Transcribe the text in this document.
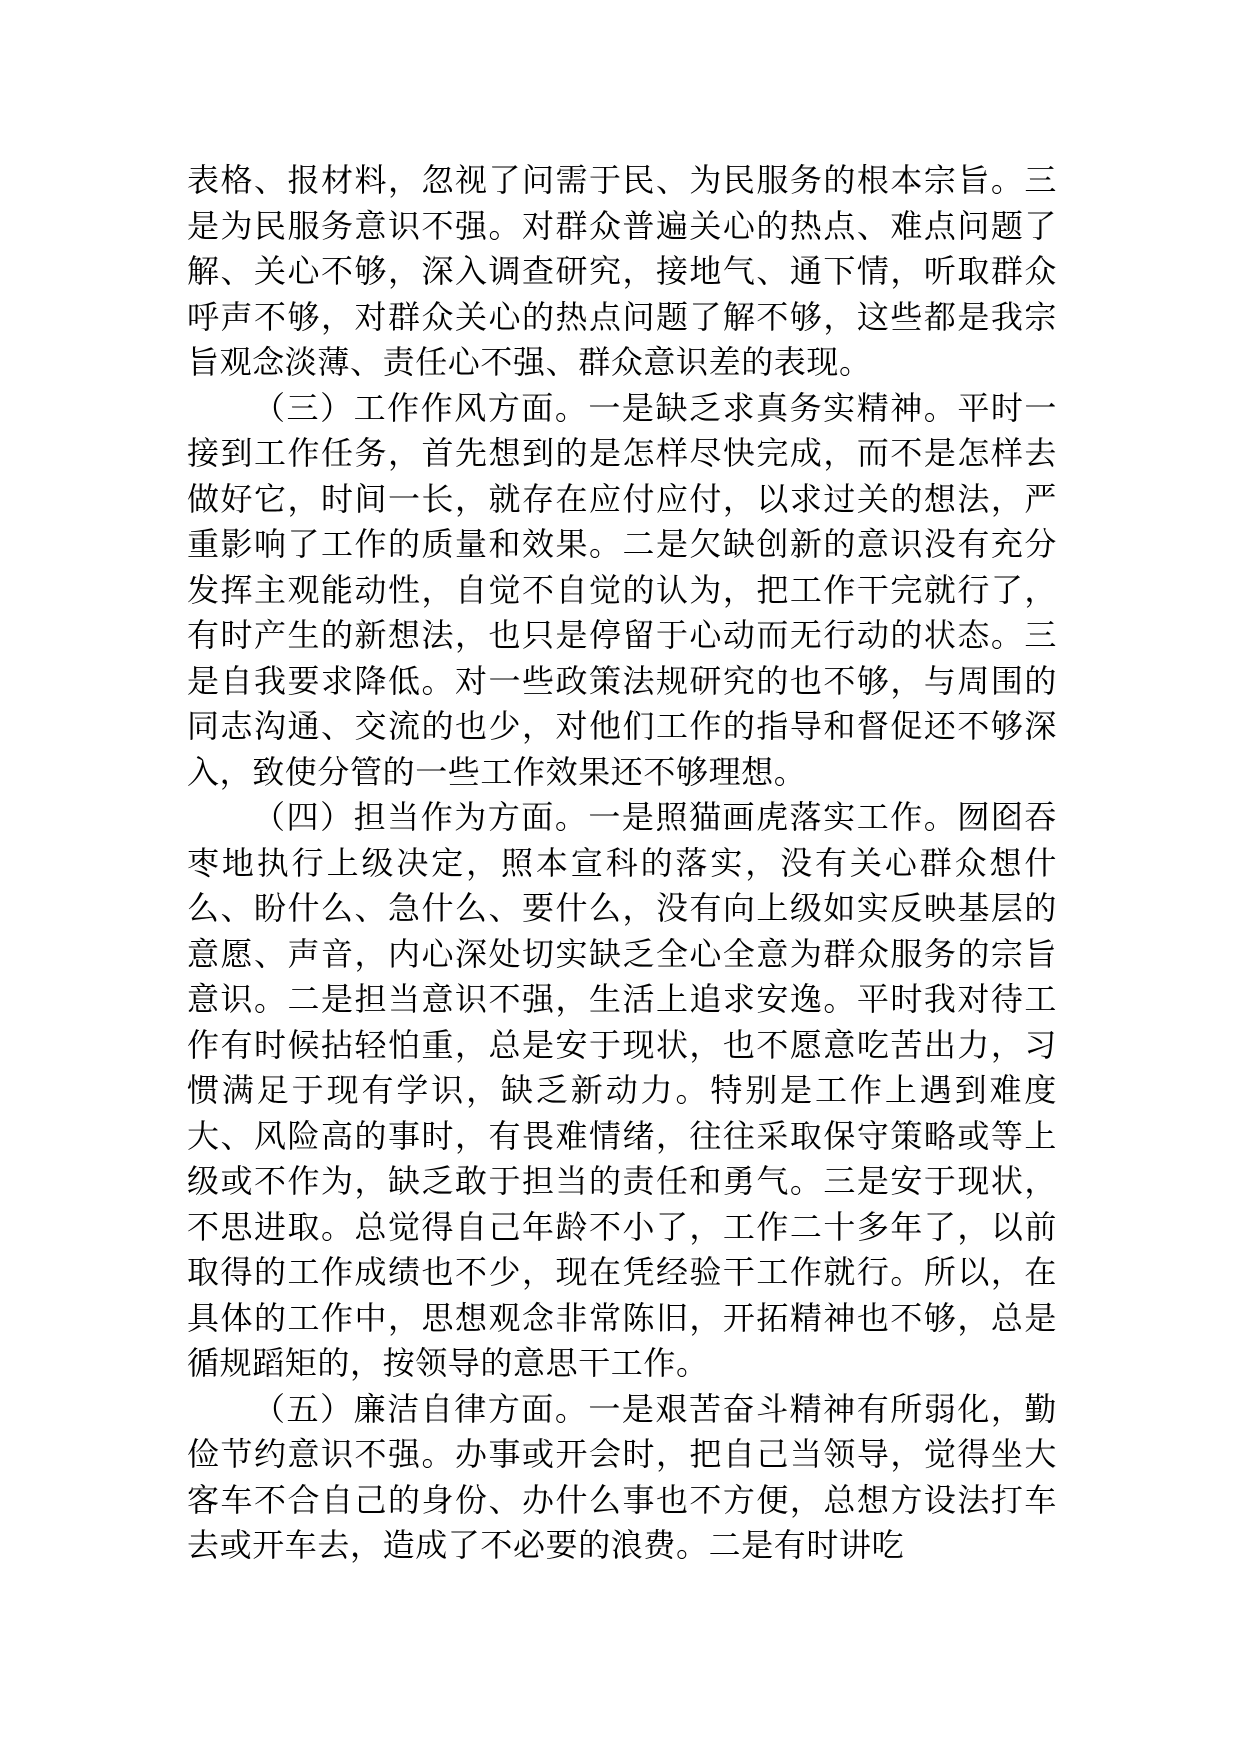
表格、报材料，忽视了问需于民、为民服务的根本宗旨。三是为民服务意识不强。对群众普遍关心的热点、难点问题了解、关心不够，深入调查研究，接地气、通下情，听取群众呼声不够，对群众关心的热点问题了解不够，这些都是我宗旨观念淡薄、责任心不强、群众意识差的表现。

（三）工作作风方面。一是缺乏求真务实精神。平时一接到工作任务，首先想到的是怎样尽快完成，而不是怎样去做好它，时间一长，就存在应付应付，以求过关的想法，严重影响了工作的质量和效果。二是欠缺创新的意识没有充分发挥主观能动性，自觉不自觉的认为，把工作干完就行了，有时产生的新想法，也只是停留于心动而无行动的状态。三是自我要求降低。对一些政策法规研究的也不够，与周围的同志沟通、交流的也少，对他们工作的指导和督促还不够深入，致使分管的一些工作效果还不够理想。

（四）担当作为方面。一是照猫画虎落实工作。囫囵吞枣地执行上级决定，照本宣科的落实，没有关心群众想什么、盼什么、急什么、要什么，没有向上级如实反映基层的意愿、声音，内心深处切实缺乏全心全意为群众服务的宗旨意识。二是担当意识不强，生活上追求安逸。平时我对待工作有时候拈轻怕重，总是安于现状，也不愿意吃苦出力，习惯满足于现有学识，缺乏新动力。特别是工作上遇到难度大、风险高的事时，有畏难情绪，往往采取保守策略或等上级或不作为，缺乏敢于担当的责任和勇气。三是安于现状，不思进取。总觉得自己年龄不小了，工作二十多年了，以前取得的工作成绩也不少，现在凭经验干工作就行。所以，在具体的工作中，思想观念非常陈旧，开拓精神也不够，总是循规蹈矩的，按领导的意思干工作。

（五）廉洁自律方面。一是艰苦奋斗精神有所弱化，勤俭节约意识不强。办事或开会时，把自己当领导，觉得坐大客车不合自己的身份、办什么事也不方便，总想方设法打车去或开车去，造成了不必要的浪费。二是有时讲吃
